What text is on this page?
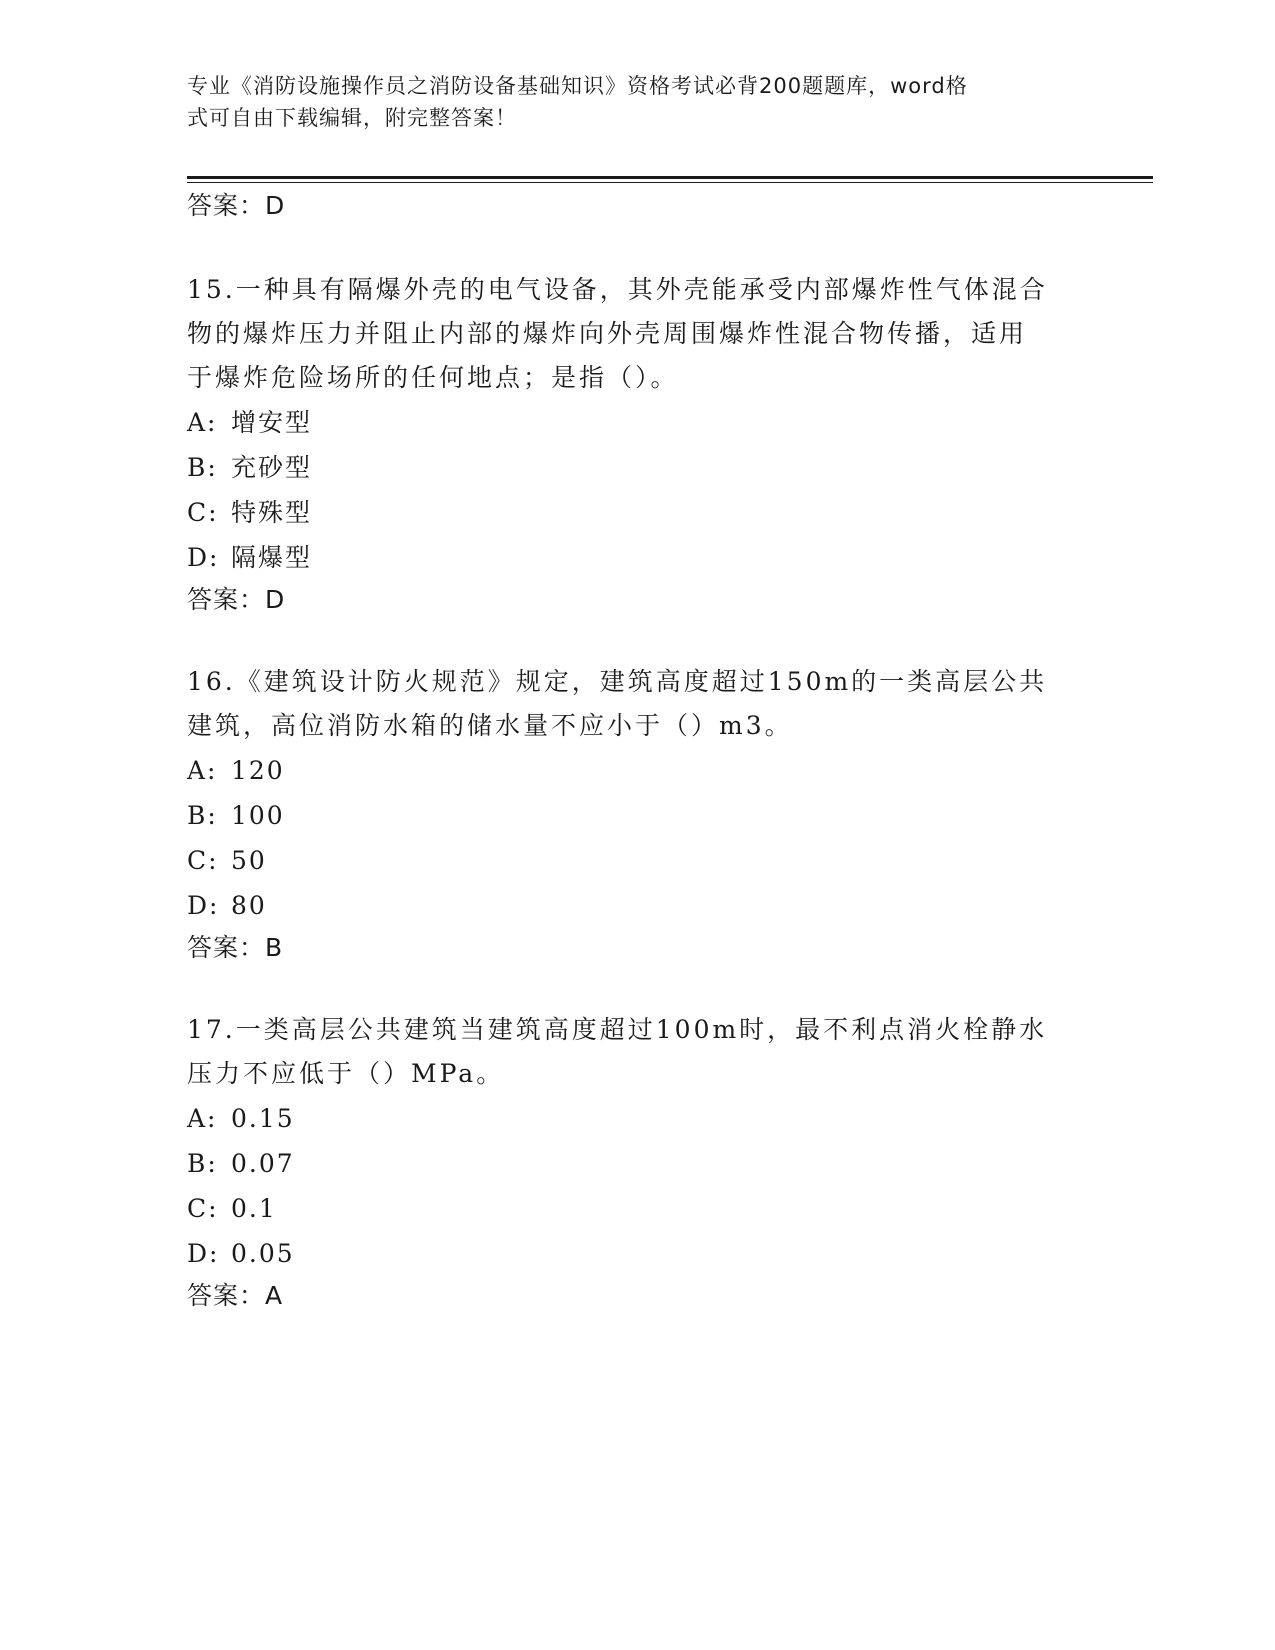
专业《消防设施操作员之消防设备基础知识》资格考试必背200题题库，word格
式可自由下载编辑，附完整答案！

答案：D

15.一种具有隔爆外壳的电气设备，其外壳能承受内部爆炸性气体混合

物的爆炸压力并阻止内部的爆炸向外壳周围爆炸性混合物传播，适用

于爆炸危险场所的任何地点；是指（）。

A: 增安型
B: 充砂型
C: 特殊型
D: 隔爆型

答案：D

16.《建筑设计防火规范》规定，建筑高度超过150m的一类高层公共

建筑，高位消防水箱的储水量不应小于（）m3。

A: 120
B: 100
C: 50
D: 80

答案：B

17.一类高层公共建筑当建筑高度超过100m时，最不利点消火栓静水

压力不应低于（）MPa。

A: 0.15
B: 0.07
C: 0.1
D: 0.05

答案：A
